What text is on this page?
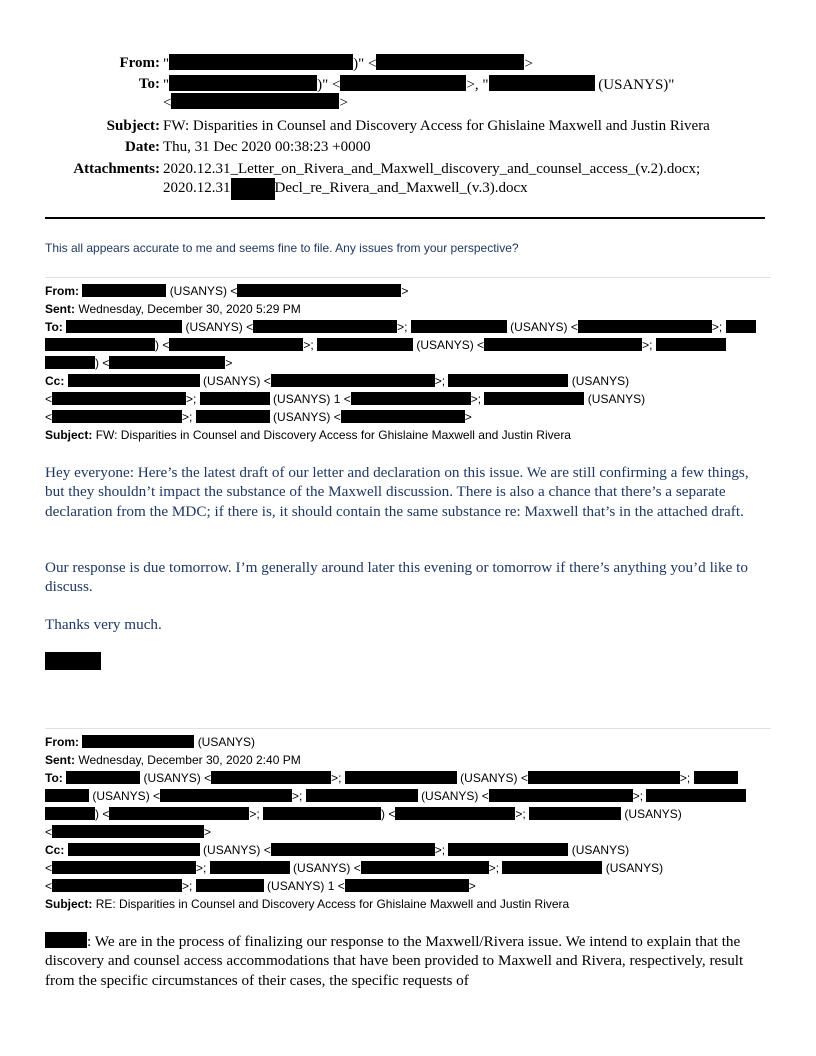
From: "	)" <	>
To: "	)" <	>, "	(USANYS)"
<	>
Subject: FW: Disparities in Counsel and Discovery Access for Ghislaine Maxwell and Justin Rivera
Date: Thu, 31 Dec 2020 00:38:23 +0000
Attachments: 2020.12.31_Letter_on_Rivera_and_Maxwell_discovery_and_counsel_access_(v.2).docx;
2020.12.31	Decl_re_Rivera_and_Maxwell_(v.3).docx
This all appears accurate to me and seems fine to file. Any issues from your perspective?
From:	(USANYS) <	>
Sent: Wednesday, December 30, 2020 5:29 PM
To:	(USANYS) <	>;	(USANYS) <	>;
) <	>;	(USANYS) <	>;
) <	>
Cc:	(USANYS) <	>;	(USANYS)
<	>;	(USANYS) 1 <	>;	(USANYS)
<	>;	(USANYS) <	>
Subject: FW: Disparities in Counsel and Discovery Access for Ghislaine Maxwell and Justin Rivera
Hey everyone: Here’s the latest draft of our letter and declaration on this issue. We are still confirming a few things, but they shouldn’t impact the substance of the Maxwell discussion. There is also a chance that there’s a separate declaration from the MDC; if there is, it should contain the same substance re: Maxwell that’s in the attached draft.
Our response is due tomorrow. I’m generally around later this evening or tomorrow if there’s anything you’d like to discuss.
Thanks very much.
From:	(USANYS)
Sent: Wednesday, December 30, 2020 2:40 PM
To:	(USANYS) <	>;	(USANYS) <	>;
(USANYS) <	>;	(USANYS) <	>;
) <	>;	) <	>;	(USANYS)
<	>
Cc:	(USANYS) <	>;	(USANYS)
<	>;	(USANYS) <	>;	(USANYS)
<	>;	(USANYS) 1 <	>
Subject: RE: Disparities in Counsel and Discovery Access for Ghislaine Maxwell and Justin Rivera
: We are in the process of finalizing our response to the Maxwell/Rivera issue. We intend to explain that the discovery and counsel access accommodations that have been provided to Maxwell and Rivera, respectively, result from the specific circumstances of their cases, the specific requests of
